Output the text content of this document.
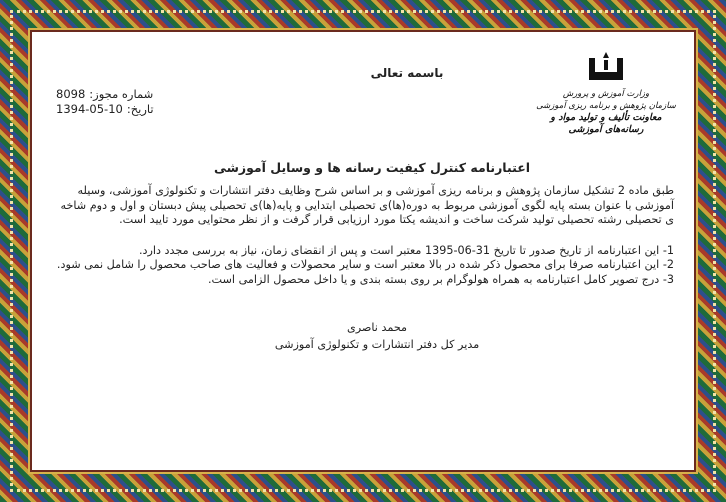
باسمه تعالی
شماره مجوز:
8098
تاریخ:
1394-05-10
وزارت آموزش و پرورش
سازمان پژوهش و برنامه ریزی آموزشی
معاونت تألیف و تولید مواد و رسانه‌های آموزشی
اعتبارنامه کنترل کیفیت رسانه ها و وسایل آموزشی

طبق ماده 2 تشکیل سازمان پژوهش و برنامه ریزی آموزشی و بر اساس شرح وظایف دفتر انتشارات و تکنولوژی آموزشی، وسیله آموزشی با عنوان بسته پایه لگوی آموزشی مربوط به دوره(ها)ی تحصیلی ابتدایی و پایه(ها)ی تحصیلی پیش دبستان و اول و دوم شاخه ی تحصیلی رشته تحصیلی تولید شرکت ساخت و اندیشه یکتا مورد ارزیابی قرار گرفت و از نظر محتوایی مورد تایید است.

1- این اعتبارنامه از تاریخ صدور تا تاریخ 31-06-1395 معتبر است و پس از انقضای زمان، نیاز به بررسی مجدد دارد.
2- این اعتبارنامه صرفا برای محصول ذکر شده در بالا معتبر است و سایر محصولات و فعالیت های صاحب محصول را شامل نمی شود.
3- درج تصویر کامل اعتبارنامه به همراه هولوگرام بر روی بسته بندی و یا داخل محصول الزامی است.
محمد ناصری
مدیر کل دفتر انتشارات و تکنولوژی آموزشی
